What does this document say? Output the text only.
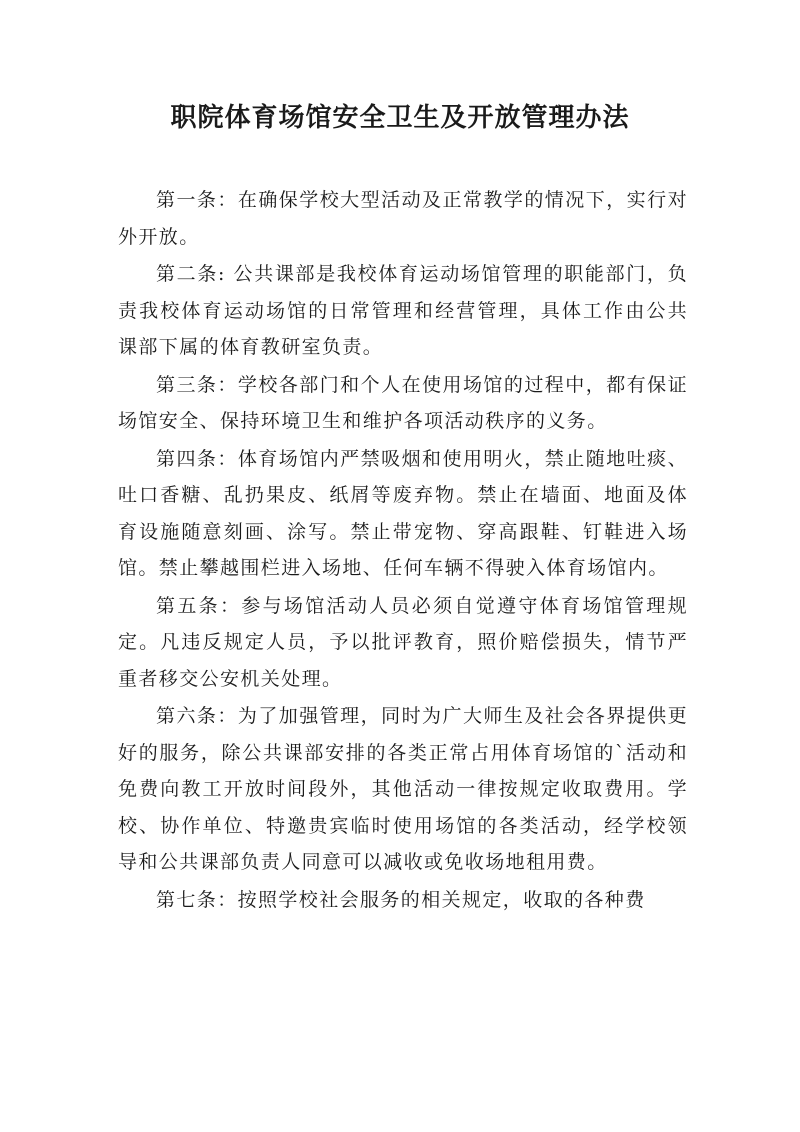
职院体育场馆安全卫生及开放管理办法

第一条：在确保学校大型活动及正常教学的情况下，实行对外开放。

第二条: 公共课部是我校体育运动场馆管理的职能部门，负责我校体育运动场馆的日常管理和经营管理，具体工作由公共课部下属的体育教研室负责。

第三条：学校各部门和个人在使用场馆的过程中，都有保证场馆安全、保持环境卫生和维护各项活动秩序的义务。

第四条：体育场馆内严禁吸烟和使用明火，禁止随地吐痰、吐口香糖、乱扔果皮、纸屑等废弃物。禁止在墙面、地面及体育设施随意刻画、涂写。禁止带宠物、穿高跟鞋、钉鞋进入场馆。禁止攀越围栏进入场地、任何车辆不得驶入体育场馆内。

第五条：参与场馆活动人员必须自觉遵守体育场馆管理规定。凡违反规定人员，予以批评教育，照价赔偿损失，情节严重者移交公安机关处理。

第六条：为了加强管理，同时为广大师生及社会各界提供更好的服务，除公共课部安排的各类正常占用体育场馆的`活动和免费向教工开放时间段外，其他活动一律按规定收取费用。学校、协作单位、特邀贵宾临时使用场馆的各类活动，经学校领导和公共课部负责人同意可以减收或免收场地租用费。

第七条：按照学校社会服务的相关规定，收取的各种费
